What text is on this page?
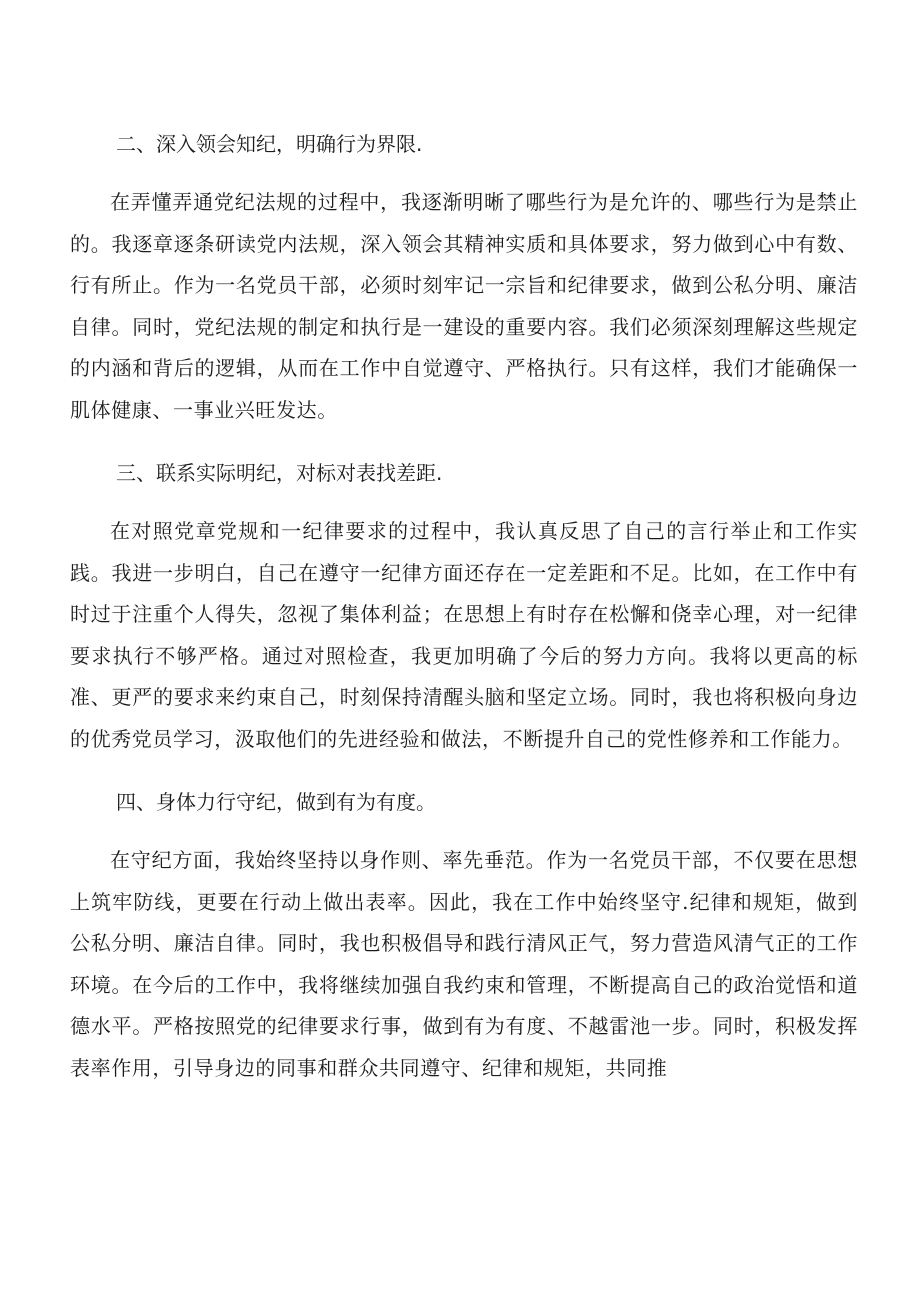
二、深入领会知纪，明确行为界限.

在弄懂弄通党纪法规的过程中，我逐渐明晰了哪些行为是允许的、哪些行为是禁止的。我逐章逐条研读党内法规，深入领会其精神实质和具体要求，努力做到心中有数、行有所止。作为一名党员干部，必须时刻牢记一宗旨和纪律要求，做到公私分明、廉洁自律。同时，党纪法规的制定和执行是一建设的重要内容。我们必须深刻理解这些规定的内涵和背后的逻辑，从而在工作中自觉遵守、严格执行。只有这样，我们才能确保一肌体健康、一事业兴旺发达。

三、联系实际明纪，对标对表找差距.

在对照党章党规和一纪律要求的过程中，我认真反思了自己的言行举止和工作实践。我进一步明白，自己在遵守一纪律方面还存在一定差距和不足。比如，在工作中有时过于注重个人得失，忽视了集体利益；在思想上有时存在松懈和侥幸心理，对一纪律要求执行不够严格。通过对照检查，我更加明确了今后的努力方向。我将以更高的标准、更严的要求来约束自己，时刻保持清醒头脑和坚定立场。同时，我也将积极向身边的优秀党员学习，汲取他们的先进经验和做法，不断提升自己的党性修养和工作能力。

四、身体力行守纪，做到有为有度。

在守纪方面，我始终坚持以身作则、率先垂范。作为一名党员干部，不仅要在思想上筑牢防线，更要在行动上做出表率。因此，我在工作中始终坚守.纪律和规矩，做到公私分明、廉洁自律。同时，我也积极倡导和践行清风正气，努力营造风清气正的工作环境。在今后的工作中，我将继续加强自我约束和管理，不断提高自己的政治觉悟和道德水平。严格按照党的纪律要求行事，做到有为有度、不越雷池一步。同时，积极发挥表率作用，引导身边的同事和群众共同遵守、纪律和规矩，共同推
